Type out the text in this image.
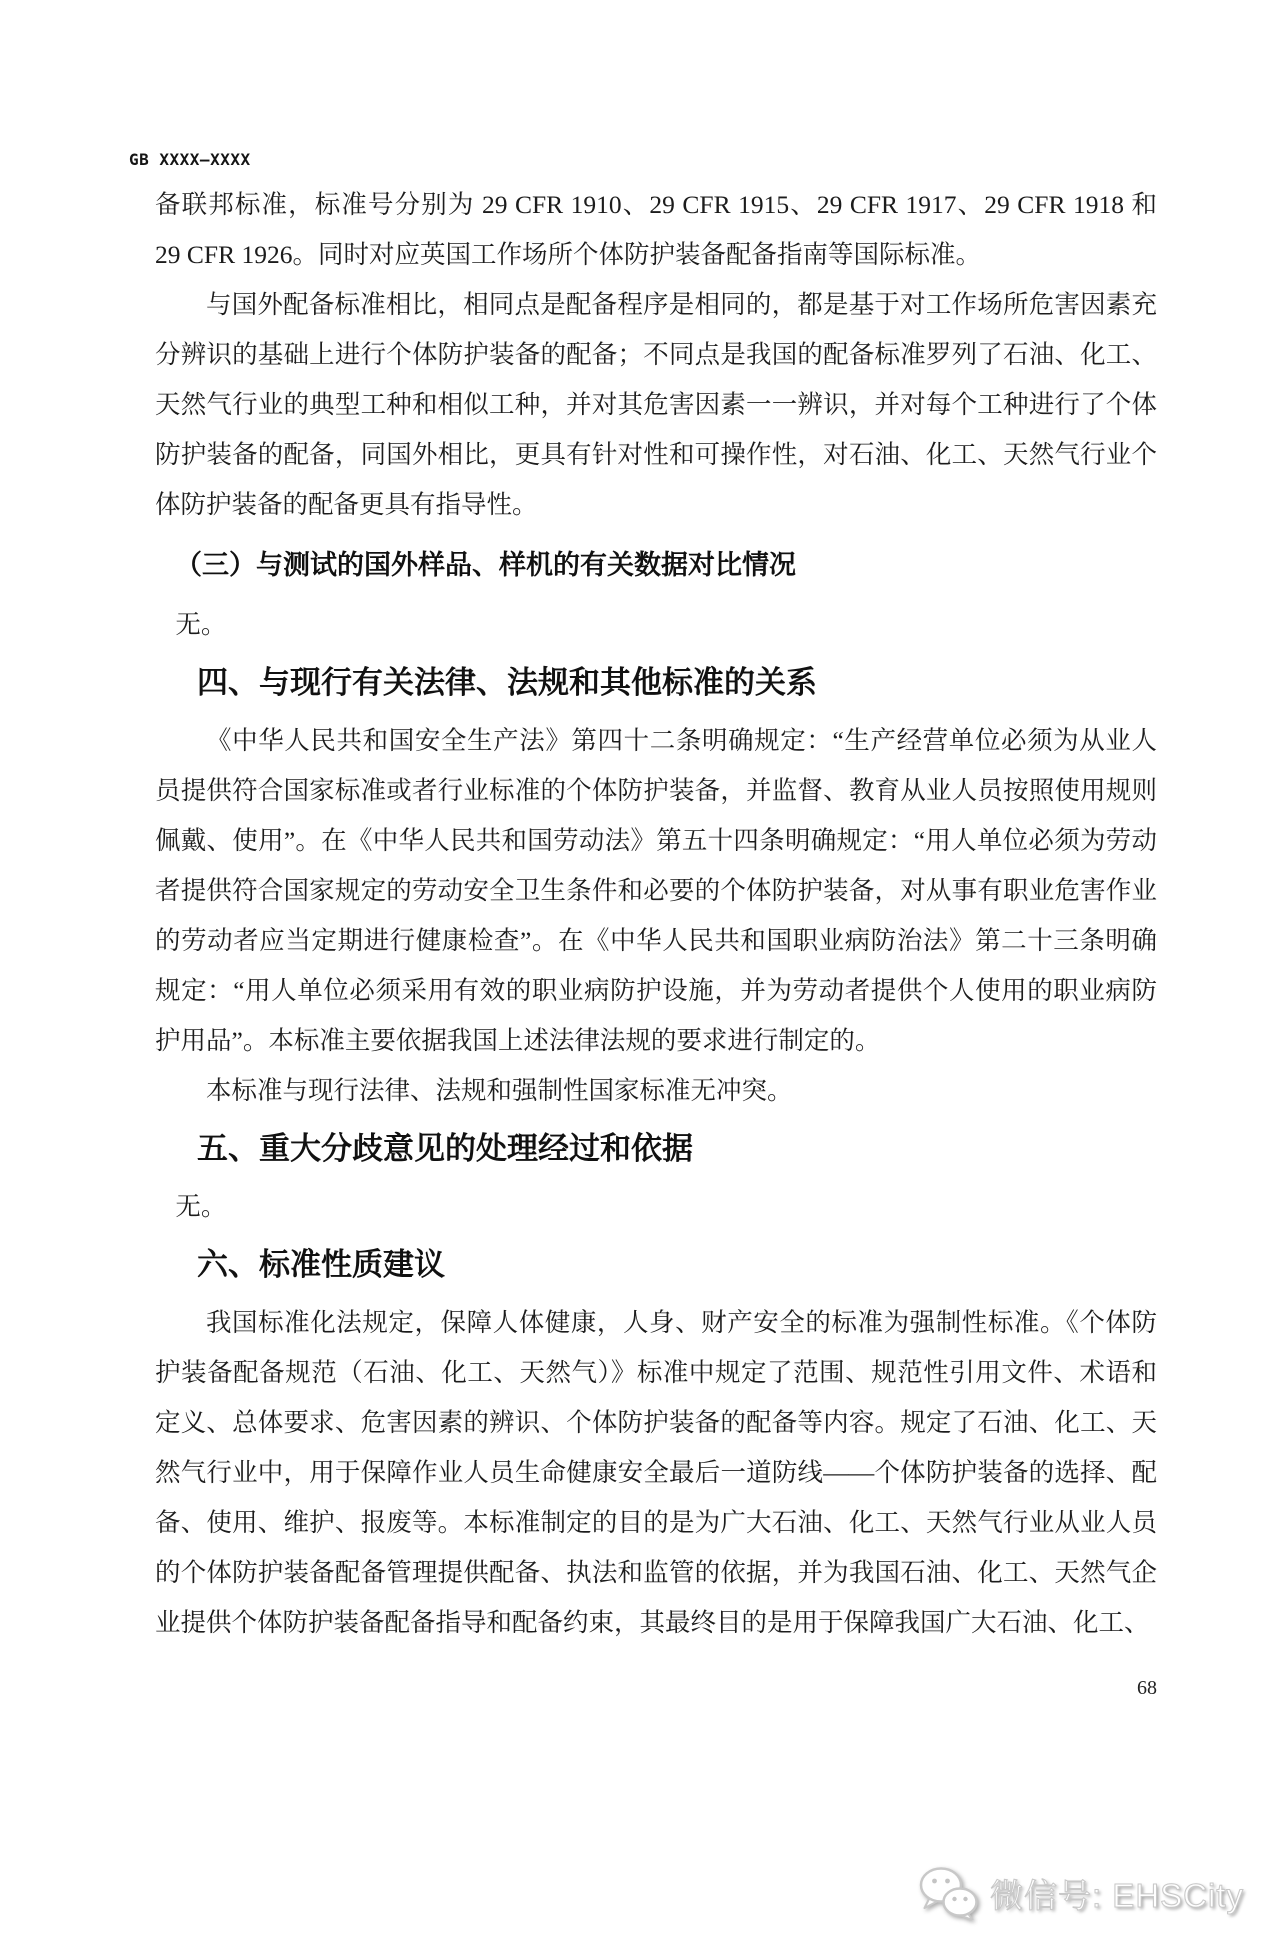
GB XXXX—XXXX

备联邦标准，标准号分别为 29 CFR 1910、29 CFR 1915、29 CFR 1917、29 CFR 1918 和 29 CFR 1926。同时对应英国工作场所个体防护装备配备指南等国际标准。

与国外配备标准相比，相同点是配备程序是相同的，都是基于对工作场所危害因素充分辨识的基础上进行个体防护装备的配备；不同点是我国的配备标准罗列了石油、化工、天然气行业的典型工种和相似工种，并对其危害因素一一辨识，并对每个工种进行了个体防护装备的配备，同国外相比，更具有针对性和可操作性，对石油、化工、天然气行业个体防护装备的配备更具有指导性。

（三）与测试的国外样品、样机的有关数据对比情况

无。

四、与现行有关法律、法规和其他标准的关系

《中华人民共和国安全生产法》第四十二条明确规定：“生产经营单位必须为从业人员提供符合国家标准或者行业标准的个体防护装备，并监督、教育从业人员按照使用规则佩戴、使用”。在《中华人民共和国劳动法》第五十四条明确规定：“用人单位必须为劳动者提供符合国家规定的劳动安全卫生条件和必要的个体防护装备，对从事有职业危害作业的劳动者应当定期进行健康检查”。在《中华人民共和国职业病防治法》第二十三条明确规定：“用人单位必须采用有效的职业病防护设施，并为劳动者提供个人使用的职业病防护用品”。本标准主要依据我国上述法律法规的要求进行制定的。

本标准与现行法律、法规和强制性国家标准无冲突。

五、重大分歧意见的处理经过和依据

无。

六、标准性质建议

我国标准化法规定，保障人体健康，人身、财产安全的标准为强制性标准。《个体防护装备配备规范（石油、化工、天然气）》标准中规定了范围、规范性引用文件、术语和定义、总体要求、危害因素的辨识、个体防护装备的配备等内容。规定了石油、化工、天然气行业中，用于保障作业人员生命健康安全最后一道防线——个体防护装备的选择、配备、使用、维护、报废等。本标准制定的目的是为广大石油、化工、天然气行业从业人员的个体防护装备配备管理提供配备、执法和监管的依据，并为我国石油、化工、天然气企业提供个体防护装备配备指导和配备约束，其最终目的是用于保障我国广大石油、化工、

68
微信号: EHSCity
